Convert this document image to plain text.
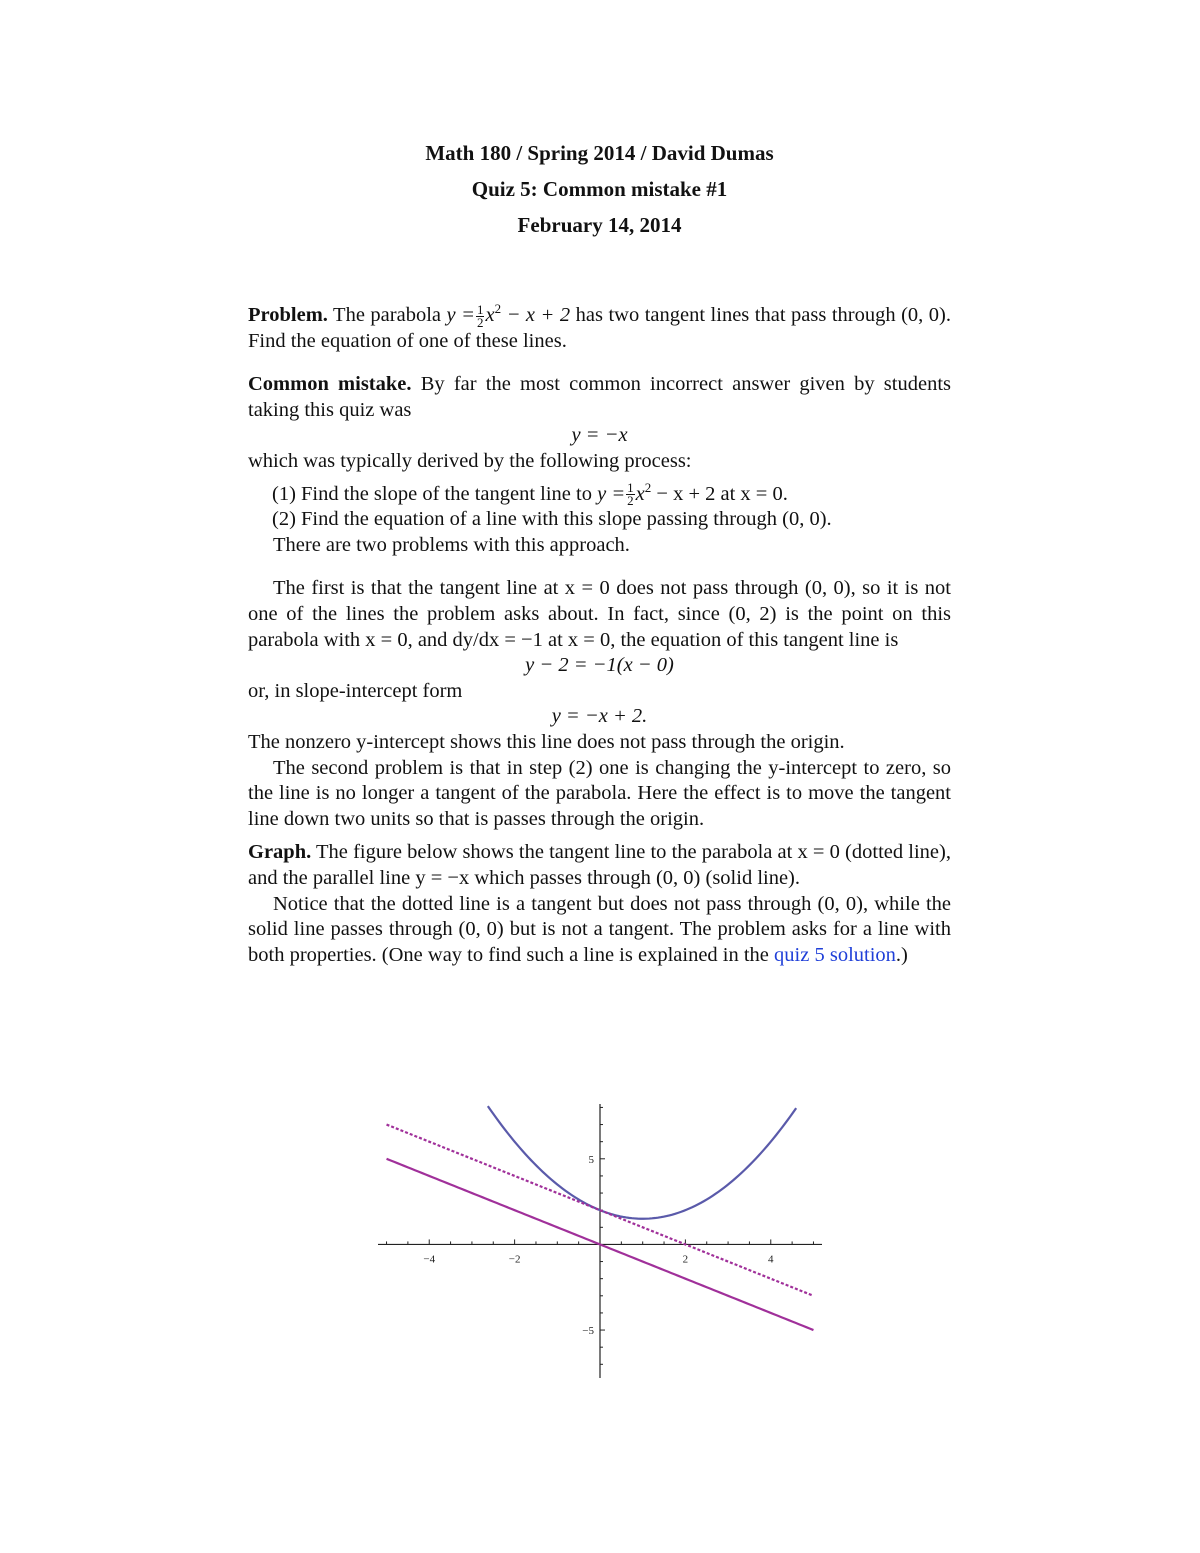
Math 180 / Spring 2014 / David Dumas
Quiz 5: Common mistake #1
February 14, 2014

Problem. The parabola $y = \frac{1}{2} x^2 - x + 2$ has two tangent lines that pass through (0, 0). Find the equation of one of these lines.

Common mistake. By far the most common incorrect answer given by students taking this quiz was

y = −x

which was typically derived by the following process:

(1) Find the slope of the tangent line to $y = \frac{1}{2} x^2 - x + 2$ at x = 0.
(2) Find the equation of a line with this slope passing through (0, 0).

There are two problems with this approach.

The first is that the tangent line at x = 0 does not pass through (0, 0), so it is not one of the lines the problem asks about. In fact, since (0, 2) is the point on this parabola with x = 0, and dy/dx = −1 at x = 0, the equation of this tangent line is

y − 2 = −1(x − 0)

or, in slope-intercept form

y = −x + 2.

The nonzero y-intercept shows this line does not pass through the origin.

The second problem is that in step (2) one is changing the y-intercept to zero, so the line is no longer a tangent of the parabola. Here the effect is to move the tangent line down two units so that is passes through the origin.

Graph. The figure below shows the tangent line to the parabola at x = 0 (dotted line), and the parallel line y = −x which passes through (0, 0) (solid line).

Notice that the dotted line is a tangent but does not pass through (0, 0), while the solid line passes through (0, 0) but is not a tangent. The problem asks for a line with both properties. (One way to find such a line is explained in the quiz 5 solution.)

−4	−2	2	4
5
−5
